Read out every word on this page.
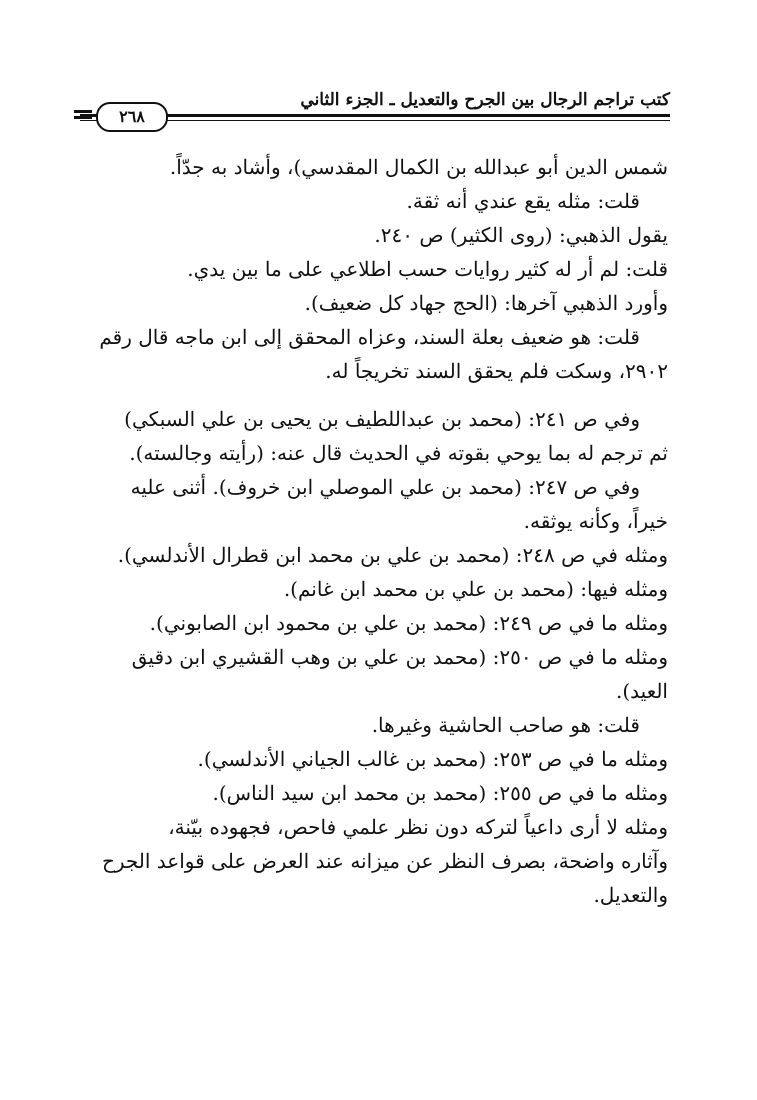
كتب تراجم الرجال بين الجرح والتعديل ـ الجزء الثاني
٢٦٨
شمس الدين أبو عبدالله بن الكمال المقدسي)، وأشاد به جدّاً.
قلت: مثله يقع عندي أنه ثقة.
يقول الذهبي: (روى الكثير) ص ٢٤٠.
قلت: لم أر له كثير روايات حسب اطلاعي على ما بين يدي.
وأورد الذهبي آخرها: (الحج جهاد كل ضعيف).
قلت: هو ضعيف بعلة السند، وعزاه المحقق إلى ابن ماجه قال رقم
٢٩٠٢، وسكت فلم يحقق السند تخريجاً له.
وفي ص ٢٤١: (محمد بن عبداللطيف بن يحيى بن علي السبكي)
ثم ترجم له بما يوحي بقوته في الحديث قال عنه: (رأيته وجالسته).
وفي ص ٢٤٧: (محمد بن علي الموصلي ابن خروف). أثنى عليه
خيراً، وكأنه يوثقه.
ومثله في ص ٢٤٨: (محمد بن علي بن محمد ابن قطرال الأندلسي).
ومثله فيها: (محمد بن علي بن محمد ابن غانم).
ومثله ما في ص ٢٤٩: (محمد بن علي بن محمود ابن الصابوني).
ومثله ما في ص ٢٥٠: (محمد بن علي بن وهب القشيري ابن دقيق
العيد).
قلت: هو صاحب الحاشية وغيرها.
ومثله ما في ص ٢٥٣: (محمد بن غالب الجياني الأندلسي).
ومثله ما في ص ٢٥٥: (محمد بن محمد ابن سيد الناس).
ومثله لا أرى داعياً لتركه دون نظر علمي فاحص، فجهوده بيّنة،
وآثاره واضحة، بصرف النظر عن ميزانه عند العرض على قواعد الجرح
والتعديل.
